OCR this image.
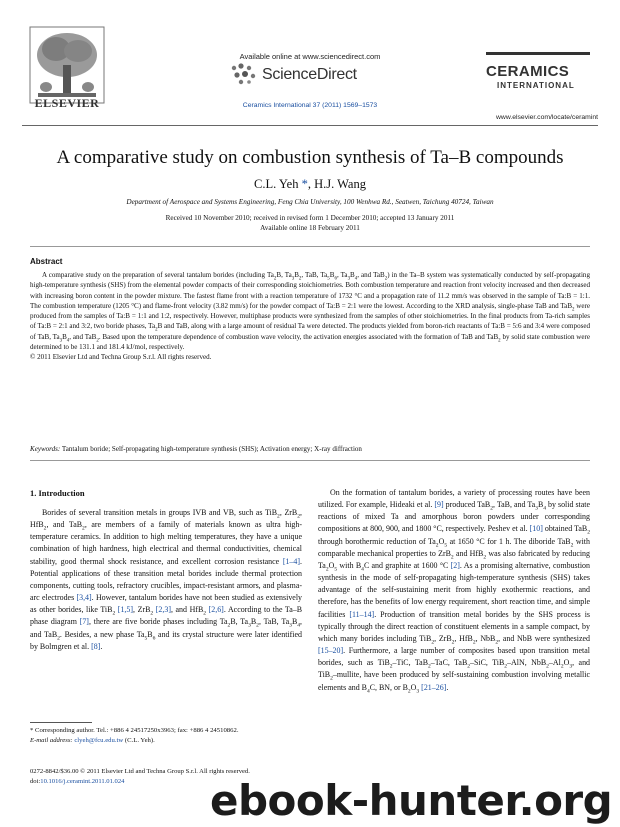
ELSEVIER
Available online at www.sciencedirect.com
ScienceDirect
Ceramics International 37 (2011) 1569–1573
CERAMICS
INTERNATIONAL
www.elsevier.com/locate/ceramint
A comparative study on combustion synthesis of Ta–B compounds
C.L. Yeh *, H.J. Wang
Department of Aerospace and Systems Engineering, Feng Chia University, 100 Wenhwa Rd., Seatwen, Taichung 40724, Taiwan
Received 10 November 2010; received in revised form 1 December 2010; accepted 13 January 2011
Available online 18 February 2011
Abstract
A comparative study on the preparation of several tantalum borides (including $Ta_2B$, $Ta_3B_2$, TaB, $Ta_5B_6$, $Ta_3B_4$, and TaB$_2$) in the Ta–B system was systematically conducted by self-propagating high-temperature synthesis (SHS) from the elemental powder compacts of their corresponding stoichiometries. Both combustion temperature and reaction front velocity increased and then decreased with increasing boron content in the powder mixture. The fastest flame front with a reaction temperature of 1732 °C and a propagation rate of 11.2 mm/s was observed in the sample of Ta:B = 1:1. The combustion temperature (1205 °C) and flame-front velocity (3.82 mm/s) for the powder compact of Ta:B = 2:1 were the lowest. According to the XRD analysis, single-phase TaB and TaB$_2$ were produced from the samples of Ta:B = 1:1 and 1:2, respectively. However, multiphase products were synthesized from the samples of other stoichiometries. In the final products from Ta-rich samples of Ta:B = 2:1 and 3:2, two boride phases, $Ta_2B$ and TaB, along with a large amount of residual Ta were detected. The products yielded from boron-rich reactants of Ta:B = 5:6 and 3:4 were composed of TaB, $Ta_3B_4$, and TaB$_2$. Based upon the temperature dependence of combustion wave velocity, the activation energies associated with the formation of TaB and TaB$_2$ by solid state combustion were determined to be 131.1 and 181.4 kJ/mol, respectively.
© 2011 Elsevier Ltd and Techna Group S.r.l. All rights reserved.
Keywords: Tantalum boride; Self-propagating high-temperature synthesis (SHS); Activation energy; X-ray diffraction
1. Introduction
Borides of several transition metals in groups IVB and VB, such as TiB$_2$, ZrB$_2$, HfB$_2$, and TaB$_2$, are members of a family of materials known as ultra high-temperature ceramics. In addition to high melting temperatures, they have a unique combination of high hardness, high electrical and thermal conductivities, chemical stability, good thermal shock resistance, and excellent corrosion resistance [1–4]. Potential applications of these transition metal borides include thermal protection components, cutting tools, refractory crucibles, impact-resistant armors, and plasma-arc electrodes [3,4]. However, tantalum borides have not been studied as extensively as other borides, like TiB$_2$ [1,5], ZrB$_2$ [2,3], and HfB$_2$ [2,6]. According to the Ta–B phase diagram [7], there are five boride phases including $Ta_2B$, $Ta_3B_2$, TaB, $Ta_3B_4$, and TaB$_2$. Besides, a new phase $Ta_5B_6$ and its crystal structure were later identified by Bolmgren et al. [8].
On the formation of tantalum borides, a variety of processing routes have been utilized. For example, Hideaki et al. [9] produced TaB$_2$, TaB, and $Ta_3B_4$ by solid state reactions of mixed Ta and amorphous boron powders under corresponding compositions at 800, 900, and 1800 °C, respectively. Peshev et al. [10] obtained TaB$_2$ through borothermic reduction of $Ta_2O_5$ at 1650 °C for 1 h. The diboride TaB$_2$ with comparable mechanical properties to ZrB$_2$ and HfB$_2$ was also fabricated by reducing $Ta_2O_5$ with $B_4C$ and graphite at 1600 °C [2]. As a promising alternative, combustion synthesis in the mode of self-propagating high-temperature synthesis (SHS) takes advantage of the self-sustaining merit from highly exothermic reactions, and therefore, has the benefits of low energy requirement, short reaction time, and simple facilities [11–14]. Production of transition metal borides by the SHS process is typically through the direct reaction of constituent elements in a sample compact, by which many borides including TiB$_2$, ZrB$_2$, HfB$_2$, NbB$_2$, and NbB were synthesized [15–20]. Furthermore, a large number of composites based upon transition metal borides, such as TiB$_2$–TiC, TaB$_2$–TaC, TaB$_2$–SiC, TiB$_2$–AlN, $NbB_2-Al_2O_3$, and TiB$_2$–mullite, have been produced by self-sustaining combustion involving metallic elements and $B_4C$, BN, or $B_2O_3$ [21–26].
* Corresponding author. Tel.: +886 4 24517250x3963; fax: +886 4 24510862.
E-mail address: clyeh@fcu.edu.tw (C.L. Yeh).
0272-8842/$36.00 © 2011 Elsevier Ltd and Techna Group S.r.l. All rights reserved.
doi:10.1016/j.ceramint.2011.01.024 ebook-hunter.org
